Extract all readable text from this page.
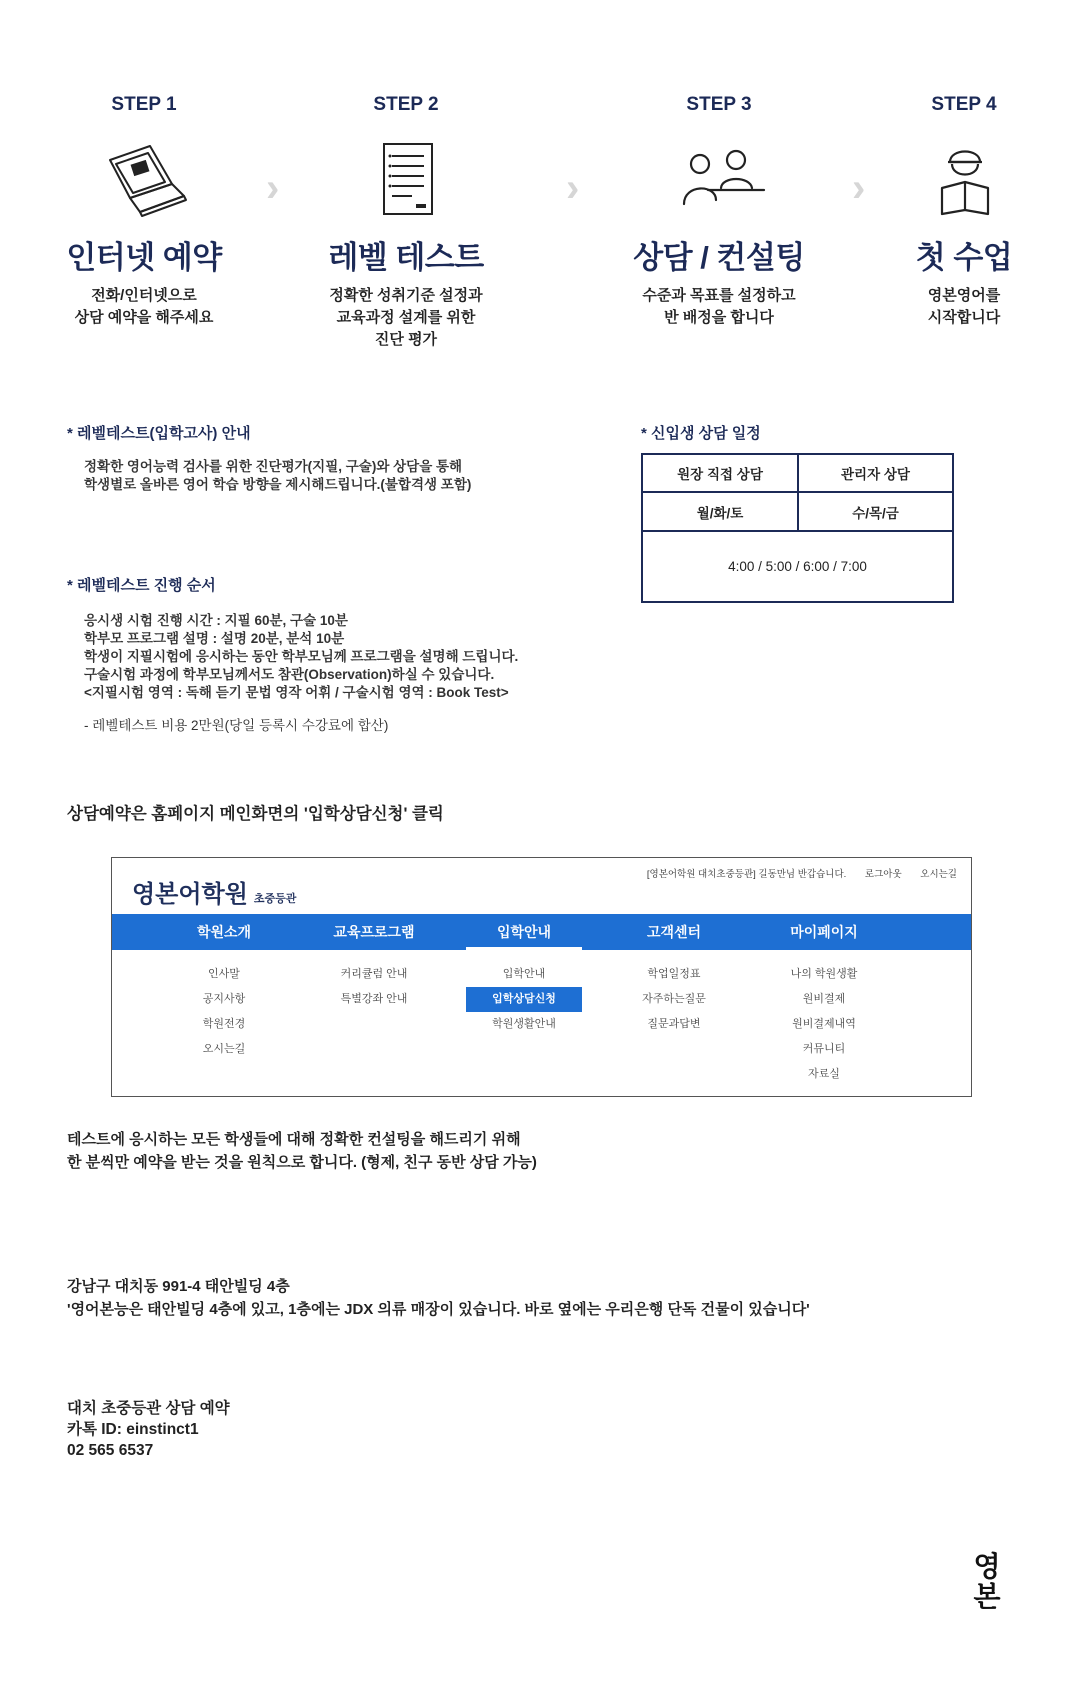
STEP 1
인터넷 예약
전화/인터넷으로
상담 예약을 해주세요
›
STEP 2
레벨 테스트
정확한 성취기준 설정과
교육과정 설계를 위한
진단 평가
›
STEP 3
상담 / 컨설팅
수준과 목표를 설정하고
반 배정을 합니다
›
STEP 4
첫 수업
영본영어를
시작합니다
* 레벨테스트(입학고사) 안내
정확한 영어능력 검사를 위한 진단평가(지필, 구술)와 상담을 통해
학생별로 올바른 영어 학습 방향을 제시해드립니다.(불합격생 포함)
* 레벨테스트 진행 순서
응시생 시험 진행 시간 : 지필 60분, 구술 10분
학부모 프로그램 설명 : 설명 20분, 분석 10분
학생이 지필시험에 응시하는 동안 학부모님께 프로그램을 설명해 드립니다.
구술시험 과정에 학부모님께서도 참관(Observation)하실 수 있습니다.
<지필시험 영역 : 독해 듣기 문법 영작 어휘 / 구술시험 영역 : Book Test>
- 레벨테스트 비용 2만원(당일 등록시 수강료에 합산)
* 신입생 상담 일정
원장 직접 상담	관리자 상담
월/화/토	수/목/금
4:00 / 5:00 / 6:00 / 7:00
상담예약은 홈페이지 메인화면의 '입학상담신청' 클릭
영본어학원 초중등관
[영본어학원 대치초중등관] 길동만님 반갑습니다. 로그아웃 오시는길
학원소개	교육프로그램	입학안내	고객센터	마이페이지
인사말
공지사항
학원전경
오시는길
커리큘럼 안내
특별강좌 안내
입학안내
입학상담신청
학원생활안내
학업일정표
자주하는질문
질문과답변
나의 학원생활
원비결제
원비결제내역
커뮤니티
자료실
테스트에 응시하는 모든 학생들에 대해 정확한 컨설팅을 해드리기 위해
한 분씩만 예약을 받는 것을 원칙으로 합니다. (형제, 친구 동반 상담 가능)
강남구 대치동 991-4 태안빌딩 4층
'영어본능은 태안빌딩 4층에 있고, 1층에는 JDX 의류 매장이 있습니다. 바로 옆에는 우리은행 단독 건물이 있습니다'
대치 초중등관 상담 예약
카톡 ID: einstinct1
02 565 6537
영
본
